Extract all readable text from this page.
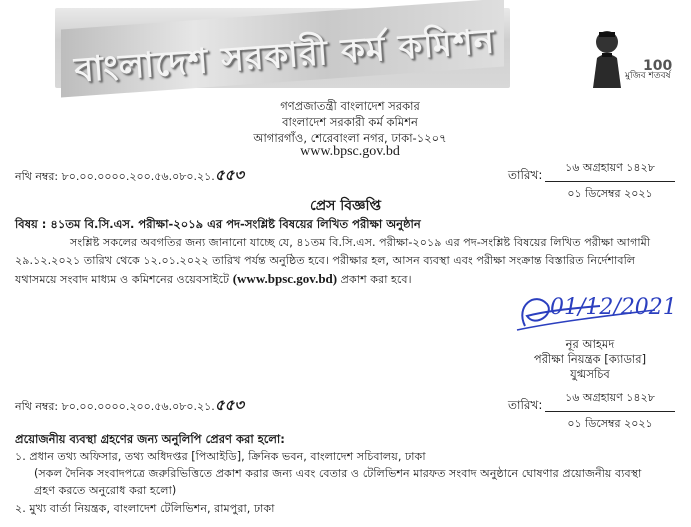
বাংলাদেশ সরকারী কর্ম কমিশন	মুজিব শতবর্ষ
100
গণপ্রজাতন্ত্রী বাংলাদেশ সরকার
বাংলাদেশ সরকারী কর্ম কমিশন
আগারগাঁও, শেরেবাংলা নগর, ঢাকা-১২০৭
www.bpsc.gov.bd
নথি নম্বর: ৮০.০০.০০০০.২০০.৫৬.০৮০.২১.৫৫৩	তারিখ:
১৬ অগ্রহায়ণ ১৪২৮
০১ ডিসেম্বর ২০২১
প্রেস বিজ্ঞপ্তি
বিষয় : ৪১তম বি.সি.এস. পরীক্ষা-২০১৯ এর পদ-সংশ্লিষ্ট বিষয়ের লিখিত পরীক্ষা অনুষ্ঠান
সংশ্লিষ্ট সকলের অবগতির জন্য জানানো যাচ্ছে যে, ৪১তম বি.সি.এস. পরীক্ষা-২০১৯ এর পদ-সংশ্লিষ্ট বিষয়ের লিখিত পরীক্ষা আগামী
২৯.১২.২০২১ তারিখ থেকে ১২.০১.২০২২ তারিখ পর্যন্ত অনুষ্ঠিত হবে। পরীক্ষার হল, আসন ব্যবস্থা এবং পরীক্ষা সংক্রান্ত বিস্তারিত নির্দেশাবলি
যথাসময়ে সংবাদ মাধ্যম ও কমিশনের ওয়েবসাইটে (www.bpsc.gov.bd) প্রকাশ করা হবে।
01/12/2021
নূর আহমদ
পরীক্ষা নিয়ন্ত্রক [ক্যাডার]
যুগ্মসচিব
নথি নম্বর: ৮০.০০.০০০০.২০০.৫৬.০৮০.২১.৫৫৩	তারিখ:
১৬ অগ্রহায়ণ ১৪২৮
০১ ডিসেম্বর ২০২১
প্রয়োজনীয় ব্যবস্থা গ্রহণের জন্য অনুলিপি প্রেরণ করা হলো:
১. প্রধান তথ্য অফিসার, তথ্য অধিদপ্তর [পিআইডি], ক্রিনিক ভবন, বাংলাদেশ সচিবালয়, ঢাকা
(সকল দৈনিক সংবাদপত্রে জরুরিভিত্তিতে প্রকাশ করার জন্য এবং বেতার ও টেলিভিশন মারফত সংবাদ অনুষ্ঠানে ঘোষণার প্রয়োজনীয় ব্যবস্থা
গ্রহণ করতে অনুরোধ করা হলো)
২. মুখ্য বার্তা নিয়ন্ত্রক, বাংলাদেশ টেলিভিশন, রামপুরা, ঢাকা
